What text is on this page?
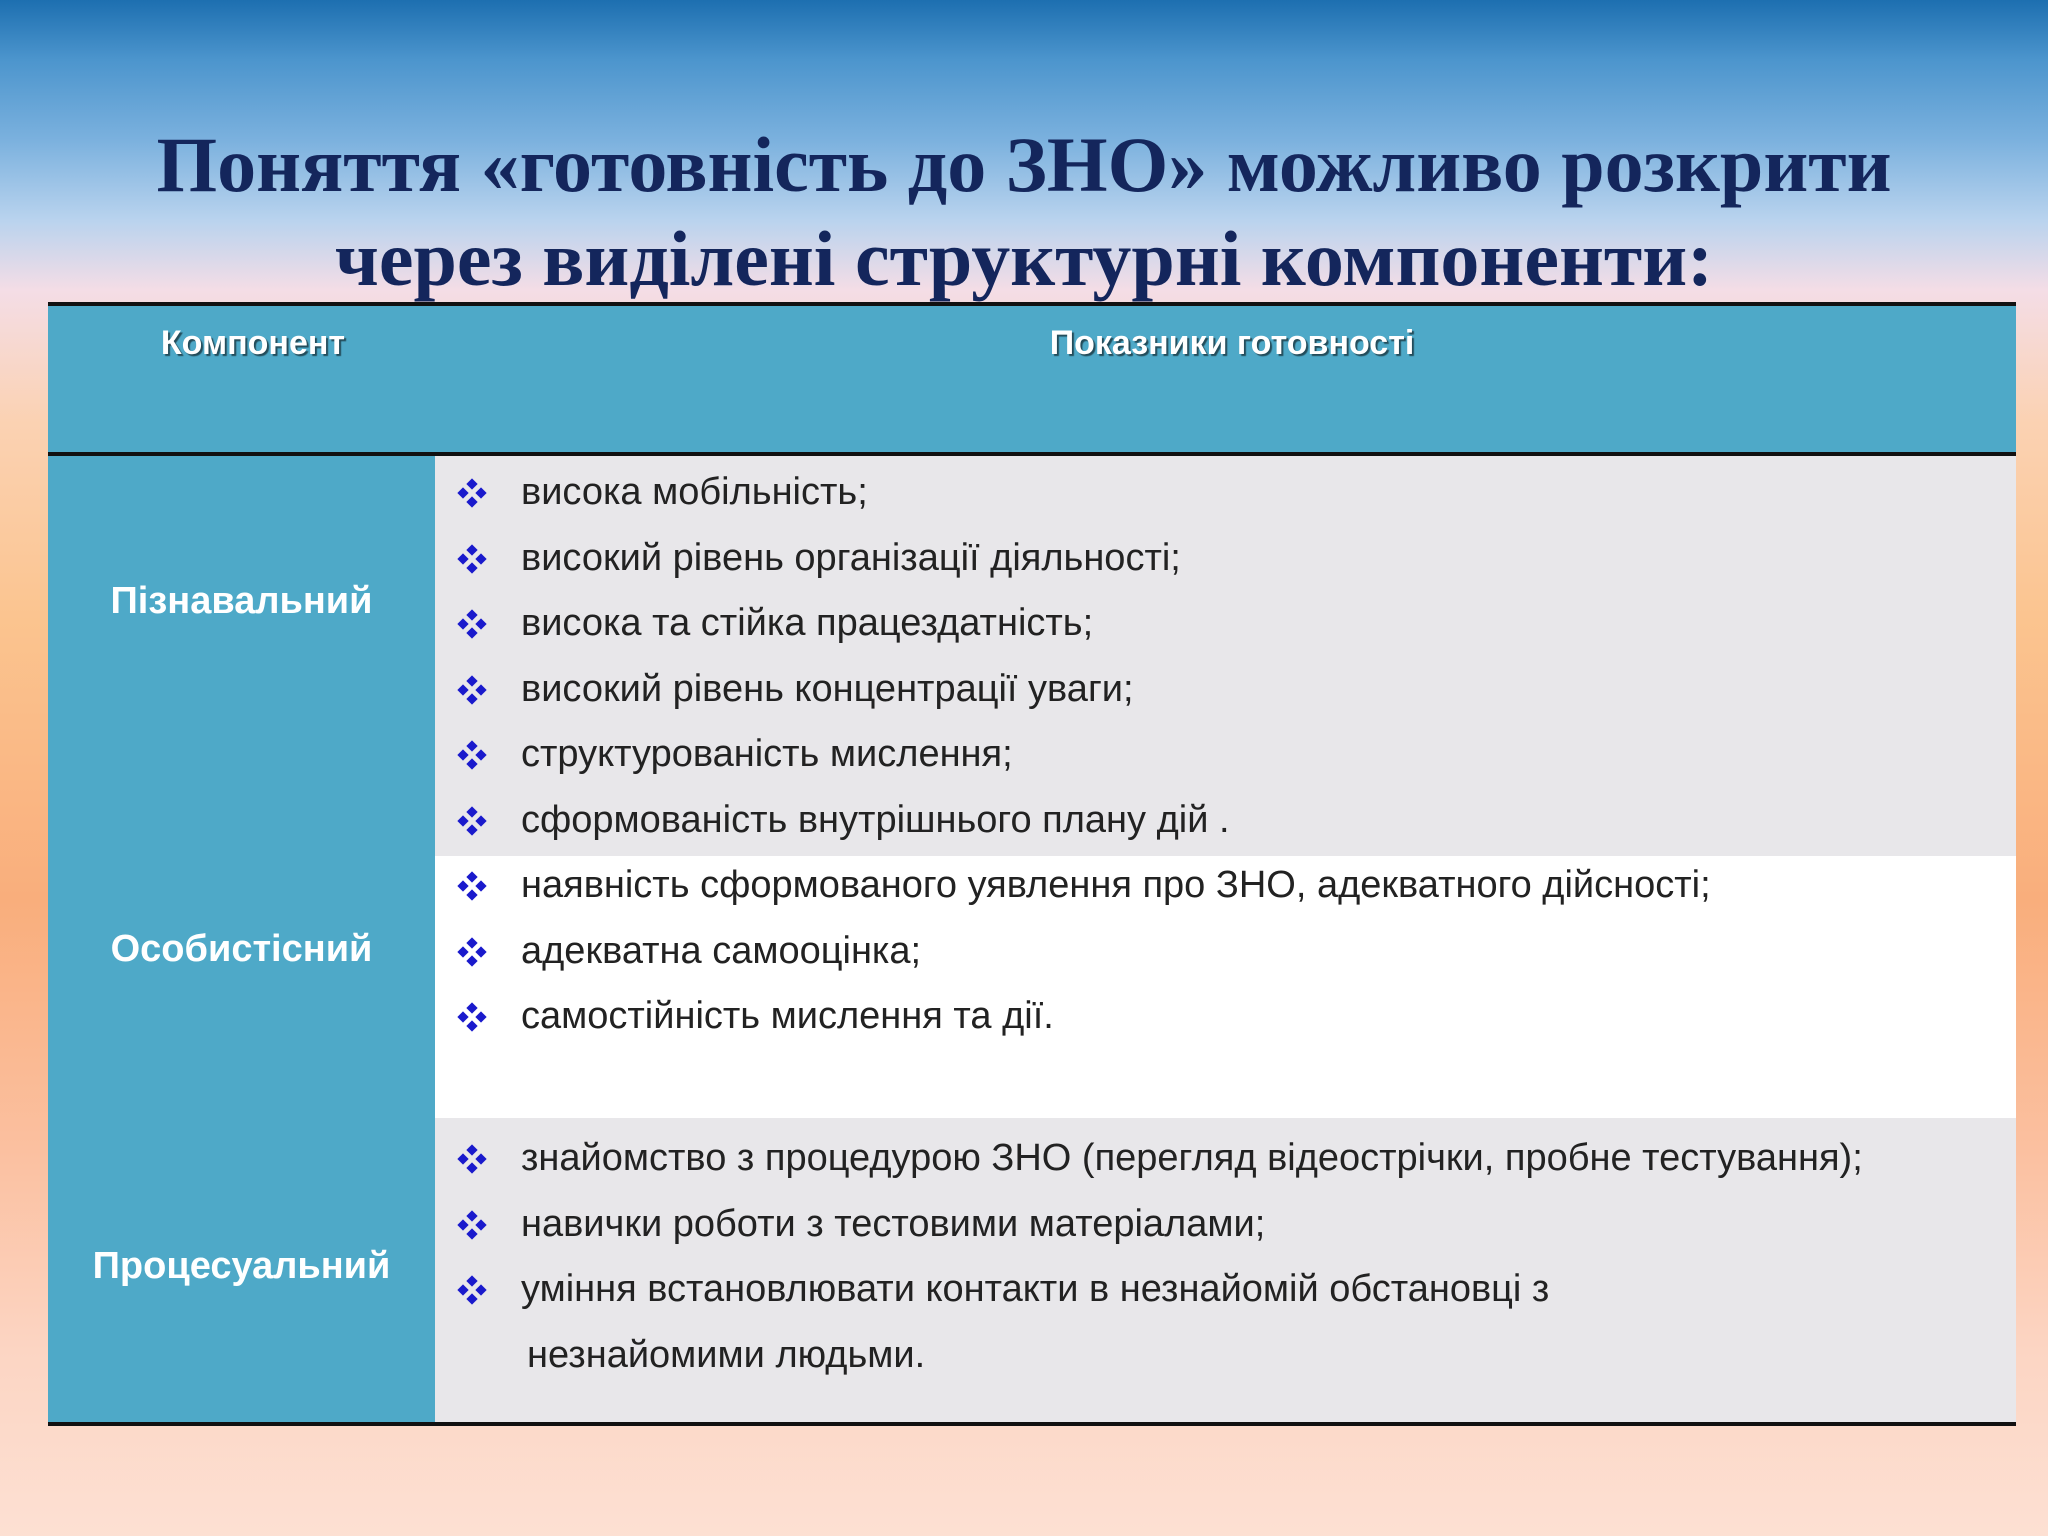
Поняття «готовність до ЗНО» можливо розкрити
через виділені структурні компоненти:
Компонент	Показники готовності
Пізнавальний
Особистісний
Процесуальний
висока мобільність;
високий рівень організації діяльності;
висока та стійка працездатність;
високий рівень концентрації уваги;
структурованість мислення;
сформованість внутрішнього плану дій .
наявність сформованого уявлення про ЗНО, адекватного дійсності;
адекватна самооцінка;
самостійність мислення та дії.
знайомство з процедурою ЗНО (перегляд відеострічки, пробне тестування);
навички роботи з тестовими матеріалами;
уміння встановлювати контакти в незнайомій обстановці з
незнайомими людьми.
